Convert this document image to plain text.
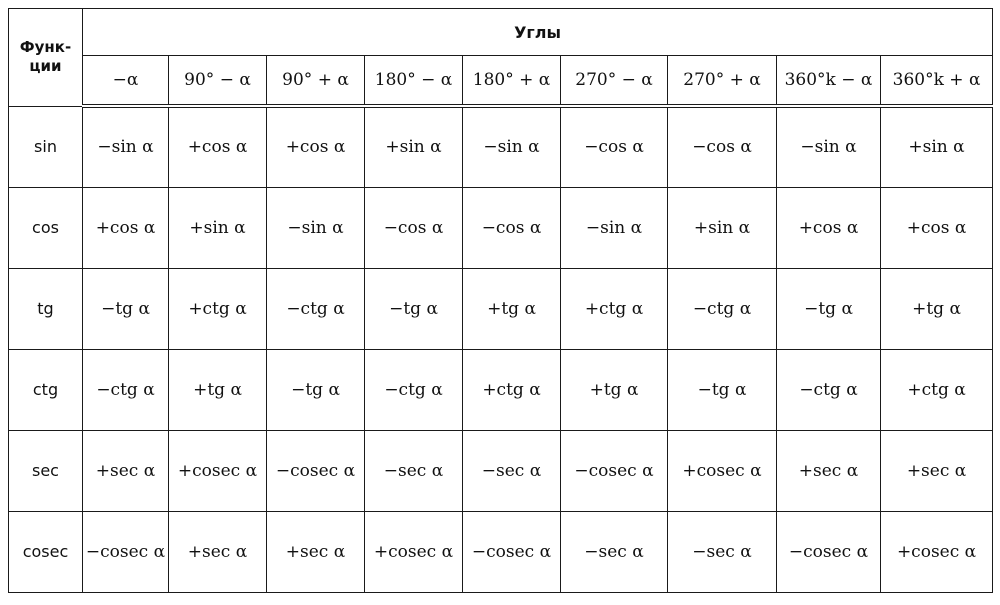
Функ- ции	Углы								
	−α	90° − α	90° + α	180° − α	180° + α	270° − α	270° + α	360°k − α	360°k + α
sin	−sin α	+cos α	+cos α	+sin α	−sin α	−cos α	−cos α	−sin α	+sin α
cos	+cos α	+sin α	−sin α	−cos α	−cos α	−sin α	+sin α	+cos α	+cos α
tg	−tg α	+ctg α	−ctg α	−tg α	+tg α	+ctg α	−ctg α	−tg α	+tg α
ctg	−ctg α	+tg α	−tg α	−ctg α	+ctg α	+tg α	−tg α	−ctg α	+ctg α
sec	+sec α	+cosec α	−cosec α	−sec α	−sec α	−cosec α	+cosec α	+sec α	+sec α
cosec	−cosec α	+sec α	+sec α	+cosec α	−cosec α	−sec α	−sec α	−cosec α	+cosec α
